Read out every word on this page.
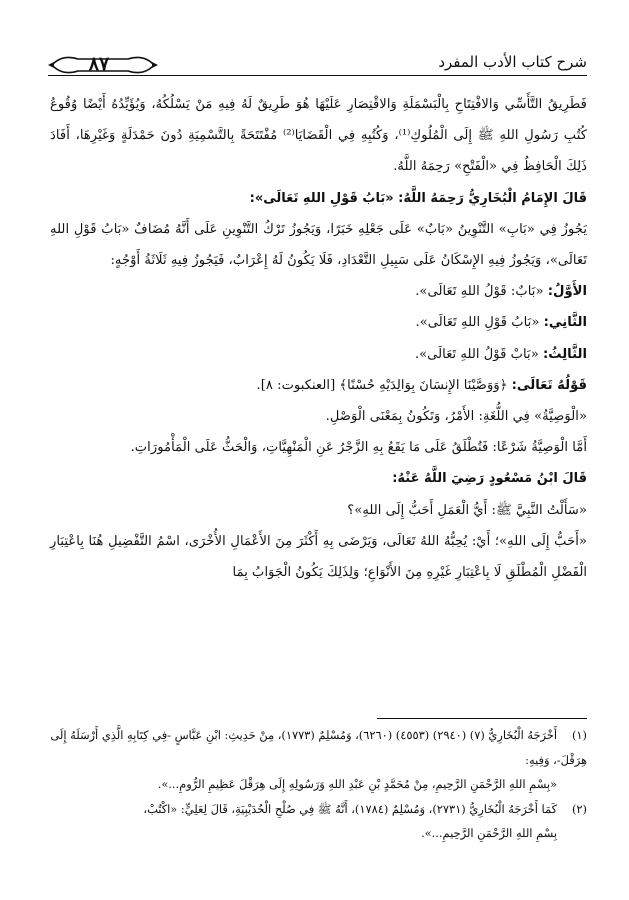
٨٧	شرح كتاب الأدب المفرد

فَطَرِيقُ التَّأَسِّي وَالافْتِتَاحِ بِالْبَسْمَلَةِ وَالاقْتِصَارِ عَلَيْهَا هُوَ طَرِيقٌ لَهُ فِيهِ مَنْ يَسْلُكُهُ، وَيُؤَيِّدُهُ أَيْضًا وُقُوعُ كُتُبِ رَسُولِ اللهِ ﷺ إِلَى الْمُلُوكِ⁽¹⁾، وَكُتُبِهِ فِي الْقَضَايَا⁽²⁾ مُفْتَتَحَةً بِالتَّسْمِيَةِ دُونَ حَمْدَلَةٍ وَغَيْرِهَا، أَفَادَ ذَلِكَ الْحَافِظُ فِي «الْفَتْحِ» رَحِمَهُ اللَّهُ.

قَالَ الإِمَامُ الْبُخَارِيُّ رَحِمَهُ اللَّهُ: «بَابُ قَوْلِ اللهِ تَعَالَى»:

يَجُوزُ فِي «بَابِ» التَّنْوِينُ «بَابٌ» عَلَى جَعْلِهِ خَبَرًا، وَيَجُوزُ تَرْكُ التَّنْوِينِ عَلَى أَنَّهُ مُضَافٌ «بَابُ قَوْلِ اللهِ تَعَالَى»، وَيَجُوزُ فِيهِ الإِسْكَانُ عَلَى سَبِيلِ التَّعْدَادِ، فَلَا يَكُونُ لَهُ إِعْرَابٌ، فَيَجُوزُ فِيهِ ثَلَاثَةُ أَوْجُهٍ:

الأَوَّلُ: «بَابٌ: قَوْلُ اللهِ تَعَالَى».

الثَّانِي: «بَابُ قَوْلِ اللهِ تَعَالَى».

الثَّالِثُ: «بَابْ قَوْلُ اللهِ تَعَالَى».

قَوْلُهُ تَعَالَى: ﴿وَوَصَّيْنَا الإِنسَانَ بِوَالِدَيْهِ حُسْنًا﴾ [العنكبوت: ٨].

«الْوَصِيَّةُ» فِي اللُّغَةِ: الأَمْرُ، وَتَكُونُ بِمَعْنَى الْوَصْلِ.

أَمَّا الْوَصِيَّةُ شَرْعًا: فَتُطْلَقُ عَلَى مَا يَقَعُ بِهِ الزَّجْرُ عَنِ الْمَنْهِيَّاتِ، وَالْحَثُّ عَلَى الْمَأْمُورَاتِ.

قَالَ ابْنُ مَسْعُودٍ رَضِيَ اللَّهُ عَنْهُ:

«سَأَلْتُ النَّبِيَّ ﷺ: أَيُّ الْعَمَلِ أَحَبُّ إِلَى اللهِ»؟

«أَحَبُّ إِلَى اللهِ»؛ أَيْ: يُحِبُّهُ اللهُ تَعَالَى، وَيَرْضَى بِهِ أَكْثَرَ مِنَ الأَعْمَالِ الأُخْرَى، اسْمُ التَّفْضِيلِ هُنَا بِاعْتِبَارِ الْفَضْلِ الْمُطْلَقِ لَا بِاعْتِبَارِ غَيْرِهِ مِنَ الأَنْوَاعِ؛ وَلِذَلِكَ يَكُونُ الْجَوَابُ بِمَا

(١)أَخْرَجَهُ الْبُخَارِيُّ (٧) (٢٩٤٠) (٤٥٥٣) (٦٢٦٠)، وَمُسْلِمٌ (١٧٧٣)، مِنْ حَدِيثِ: ابْنِ عَبَّاسٍ -فِي كِتَابِهِ الَّذِي أَرْسَلَهُ إِلَى هِرَقْلَ-، وَفِيهِ:

«بِسْمِ اللهِ الرَّحْمَنِ الرَّحِيمِ، مِنْ مُحَمَّدٍ بْنِ عَبْدِ اللهِ وَرَسُولِهِ إِلَى هِرَقْلَ عَظِيمِ الرُّومِ...».

(٢)كَمَا أَخْرَجَهُ الْبُخَارِيُّ (٢٧٣١)، وَمُسْلِمٌ (١٧٨٤)، أَنَّهُ ﷺ فِي صُلْحِ الْحُدَيْبِيَةِ، قَالَ لِعَلِيٍّ: «اكْتُبْ،

بِسْمِ اللهِ الرَّحْمَنِ الرَّحِيمِ...».
